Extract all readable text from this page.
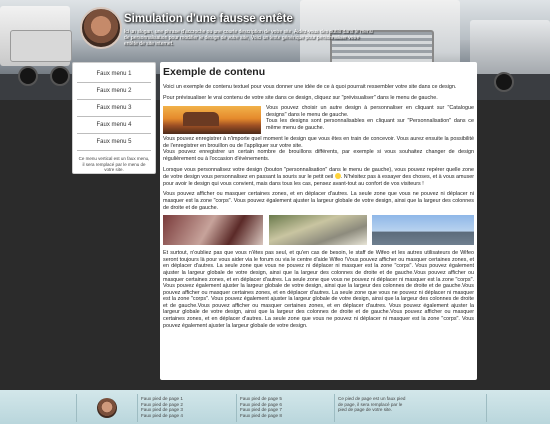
Simulation d'une fausse entête

Ici un slogan, une phrase d'accroche ou une courte description de votre site, Aidez-vous des outils dans le menu de personnalisation pour modifier le design de votre site, Voici un texte générique pour personnaliser votre entête de site internet.

Faux menu 1
Faux menu 2
Faux menu 3
Faux menu 4
Faux menu 5
Ce menu vertical est un faux menu, il sera remplacé par le menu de votre site.
Exemple de contenu

Voici un exemple de contenu textuel pour vous donner une idée de ce à quoi pourrait ressembler votre site dans ce design.

Pour prévisualiser le vrai contenu de votre site dans ce design, cliquez sur "prévisualiser" dans le menu de gauche.

Vous pouvez choisir un autre design à personnaliser en cliquant sur "Catalogue designs" dans le menu de gauche.

Tous les designs sont personnalisables en cliquant sur "Personnalisation" dans ce même menu de gauche.

Vous pouvez enregistrer à n'importe quel moment le design que vous êtes en train de concevoir. Vous aurez ensuite la possibilité de l'enregistrer en brouillon ou de l'appliquer sur votre site.

Vous pouvez enregistrer un certain nombre de brouillons différents, par exemple si vous souhaitez changer de design régulièrement ou à l'occasion d'évènements.

Lorsque vous personnalisez votre design (bouton "personnalisation" dans le menu de gauche), vous pouvez repérer quelle zone de votre design vous personnalisez en passant la souris sur le petit oeil . N'hésitez pas à essayer des choses, et à vous amuser pour avoir le design qui vous convient, mais dans tous les cas, pensez avant-tout au confort de vos visiteurs !

Vous pouvez afficher ou masquer certaines zones, et en déplacer d'autres. La seule zone que vous ne pouvez ni déplacer ni masquer est la zone "corps". Vous pouvez également ajuster la largeur globale de votre design, ainsi que la largeur des colonnes de droite et de gauche.

Et surtout, n'oubliez pas que vous n'êtes pas seul, et qu'en cas de besoin, le staff de Wifeo et les autres utilisateurs de Wifeo seront toujours là pour vous aider via le forum ou via le centre d'aide Wifeo !Vous pouvez afficher ou masquer certaines zones, et en déplacer d'autres. La seule zone que vous ne pouvez ni déplacer ni masquer est la zone "corps". Vous pouvez également ajuster la largeur globale de votre design, ainsi que la largeur des colonnes de droite et de gauche.Vous pouvez afficher ou masquer certaines zones, et en déplacer d'autres. La seule zone que vous ne pouvez ni déplacer ni masquer est la zone "corps". Vous pouvez également ajuster la largeur globale de votre design, ainsi que la largeur des colonnes de droite et de gauche.Vous pouvez afficher ou masquer certaines zones, et en déplacer d'autres. La seule zone que vous ne pouvez ni déplacer ni masquer est la zone "corps". Vous pouvez également ajuster la largeur globale de votre design, ainsi que la largeur des colonnes de droite et de gauche.Vous pouvez afficher ou masquer certaines zones, et en déplacer d'autres. Vous pouvez également ajuster la largeur globale de votre design, ainsi que la largeur des colonnes de droite et de gauche.Vous pouvez afficher ou masquer certaines zones, et en déplacer d'autres. La seule zone que vous ne pouvez ni déplacer ni masquer est la zone "corps". Vous pouvez également ajuster la largeur globale de votre design.

Faux pied de page 1
Faux pied de page 2
Faux pied de page 3
Faux pied de page 4
Faux pied de page 5
Faux pied de page 6
Faux pied de page 7
Faux pied de page 8
Ce pied de page est un faux pied de page, il sera remplacé par le pied de page de votre site.
